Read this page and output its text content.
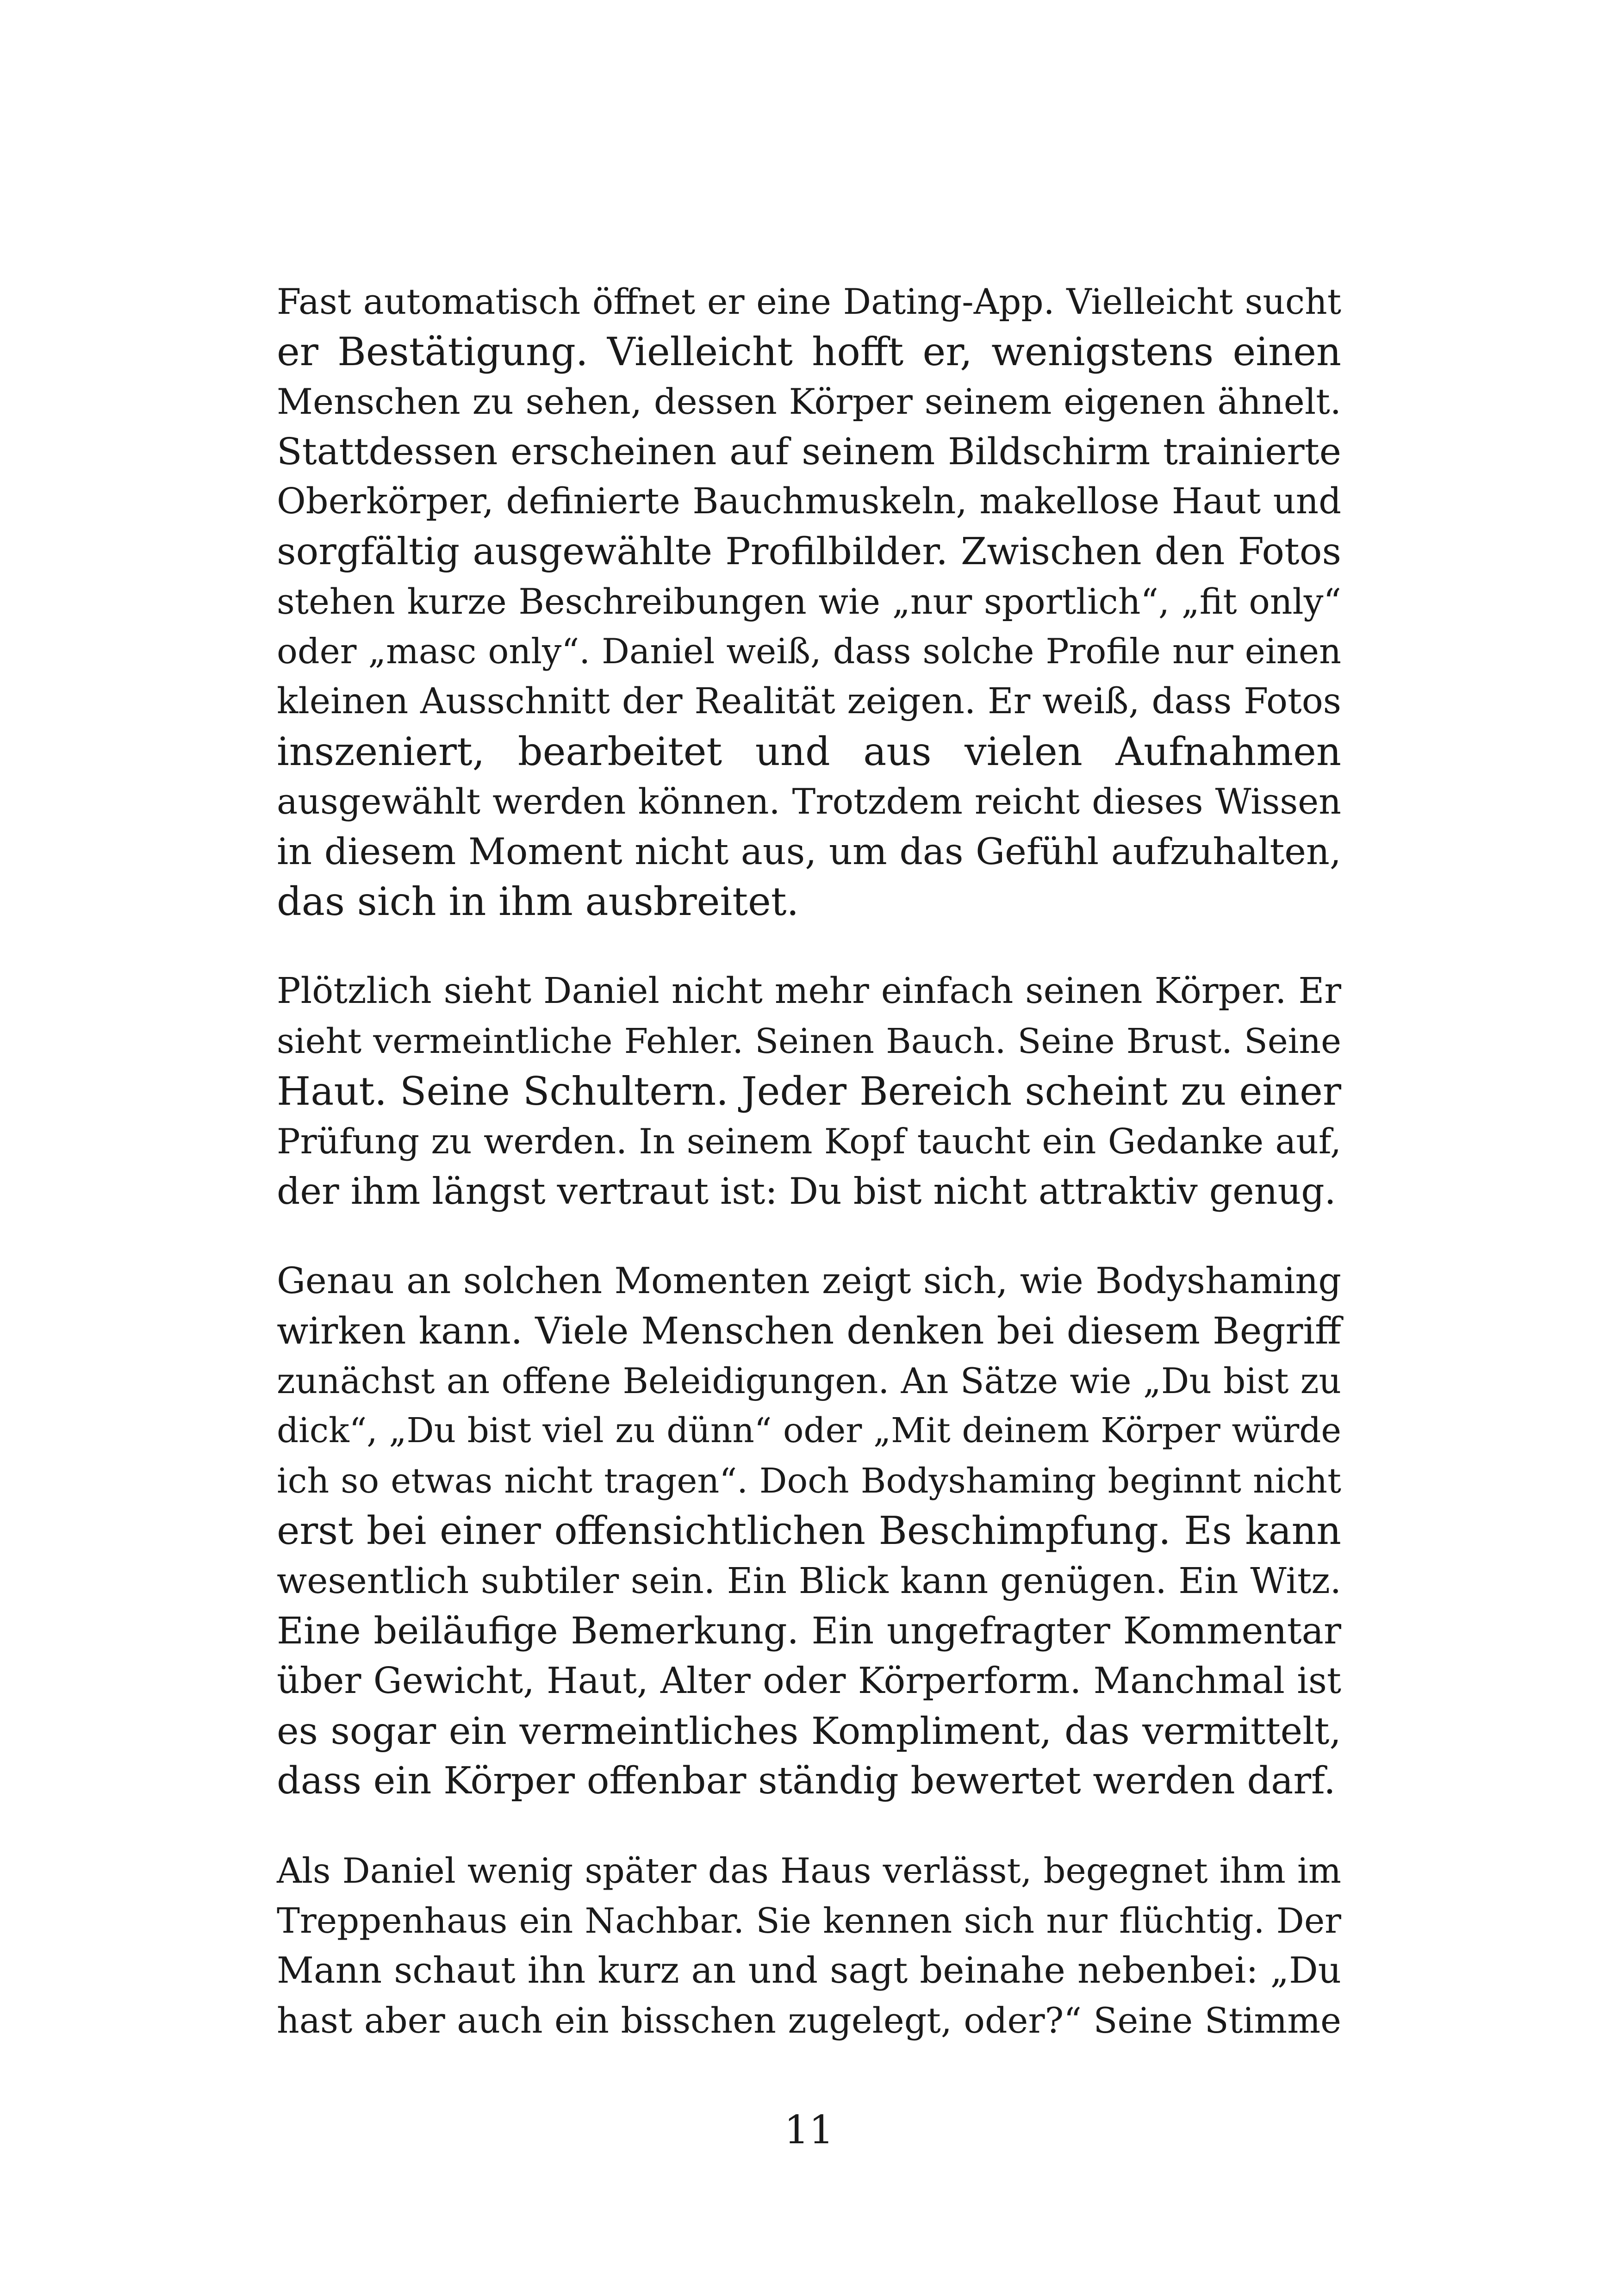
Fast automatisch öffnet er eine Dating-App. Vielleicht sucht
er Bestätigung. Vielleicht hofft er, wenigstens einen
Menschen zu sehen, dessen Körper seinem eigenen ähnelt.
Stattdessen erscheinen auf seinem Bildschirm trainierte
Oberkörper, definierte Bauchmuskeln, makellose Haut und
sorgfältig ausgewählte Profilbilder. Zwischen den Fotos
stehen kurze Beschreibungen wie „nur sportlich“, „fit only“
oder „masc only“. Daniel weiß, dass solche Profile nur einen
kleinen Ausschnitt der Realität zeigen. Er weiß, dass Fotos
inszeniert, bearbeitet und aus vielen Aufnahmen
ausgewählt werden können. Trotzdem reicht dieses Wissen
in diesem Moment nicht aus, um das Gefühl aufzuhalten,
das sich in ihm ausbreitet.

Plötzlich sieht Daniel nicht mehr einfach seinen Körper. Er
sieht vermeintliche Fehler. Seinen Bauch. Seine Brust. Seine
Haut. Seine Schultern. Jeder Bereich scheint zu einer
Prüfung zu werden. In seinem Kopf taucht ein Gedanke auf,
der ihm längst vertraut ist: Du bist nicht attraktiv genug.

Genau an solchen Momenten zeigt sich, wie Bodyshaming
wirken kann. Viele Menschen denken bei diesem Begriff
zunächst an offene Beleidigungen. An Sätze wie „Du bist zu
dick“, „Du bist viel zu dünn“ oder „Mit deinem Körper würde
ich so etwas nicht tragen“. Doch Bodyshaming beginnt nicht
erst bei einer offensichtlichen Beschimpfung. Es kann
wesentlich subtiler sein. Ein Blick kann genügen. Ein Witz.
Eine beiläufige Bemerkung. Ein ungefragter Kommentar
über Gewicht, Haut, Alter oder Körperform. Manchmal ist
es sogar ein vermeintliches Kompliment, das vermittelt,
dass ein Körper offenbar ständig bewertet werden darf.

Als Daniel wenig später das Haus verlässt, begegnet ihm im
Treppenhaus ein Nachbar. Sie kennen sich nur flüchtig. Der
Mann schaut ihn kurz an und sagt beinahe nebenbei: „Du
hast aber auch ein bisschen zugelegt, oder?“ Seine Stimme

11
